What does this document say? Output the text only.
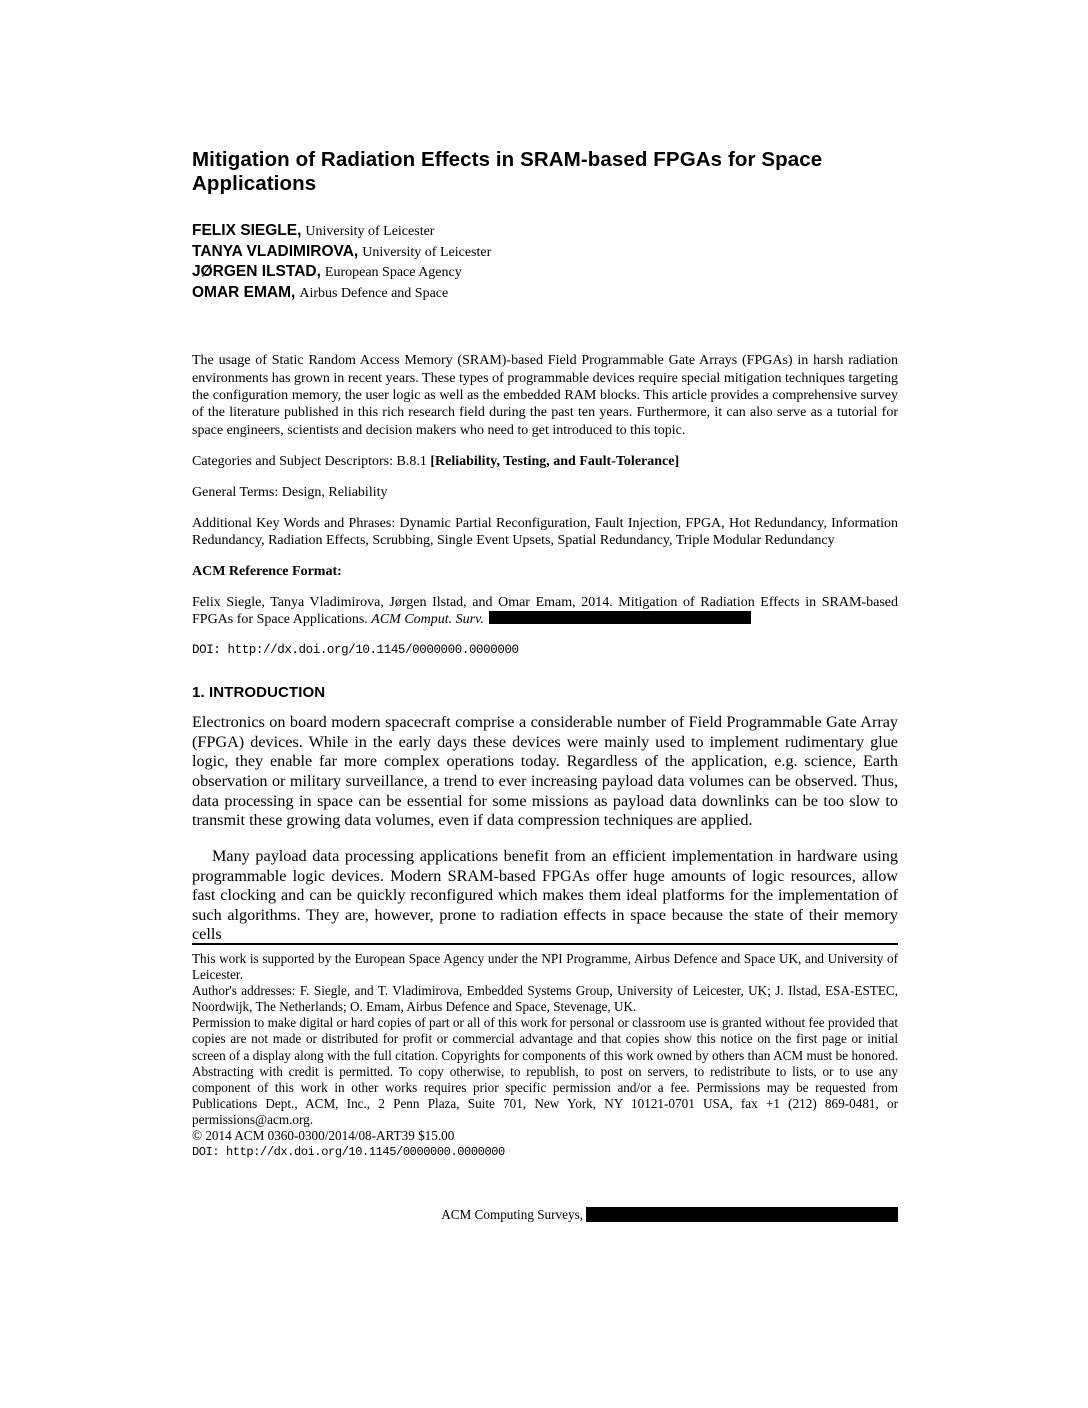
Mitigation of Radiation Effects in SRAM-based FPGAs for Space Applications
FELIX SIEGLE, University of Leicester
TANYA VLADIMIROVA, University of Leicester
JØRGEN ILSTAD, European Space Agency
OMAR EMAM, Airbus Defence and Space

The usage of Static Random Access Memory (SRAM)-based Field Programmable Gate Arrays (FPGAs) in harsh radiation environments has grown in recent years. These types of programmable devices require special mitigation techniques targeting the configuration memory, the user logic as well as the embedded RAM blocks. This article provides a comprehensive survey of the literature published in this rich research field during the past ten years. Furthermore, it can also serve as a tutorial for space engineers, scientists and decision makers who need to get introduced to this topic.

Categories and Subject Descriptors: B.8.1 [Reliability, Testing, and Fault-Tolerance]

General Terms: Design, Reliability

Additional Key Words and Phrases: Dynamic Partial Reconfiguration, Fault Injection, FPGA, Hot Redundancy, Information Redundancy, Radiation Effects, Scrubbing, Single Event Upsets, Spatial Redundancy, Triple Modular Redundancy

ACM Reference Format:

Felix Siegle, Tanya Vladimirova, Jørgen Ilstad, and Omar Emam, 2014. Mitigation of Radiation Effects in SRAM-based FPGAs for Space Applications. ACM Comput. Surv.

DOI: http://dx.doi.org/10.1145/0000000.0000000

1. INTRODUCTION

Electronics on board modern spacecraft comprise a considerable number of Field Programmable Gate Array (FPGA) devices. While in the early days these devices were mainly used to implement rudimentary glue logic, they enable far more complex operations today. Regardless of the application, e.g. science, Earth observation or military surveillance, a trend to ever increasing payload data volumes can be observed. Thus, data processing in space can be essential for some missions as payload data downlinks can be too slow to transmit these growing data volumes, even if data compression techniques are applied.

Many payload data processing applications benefit from an efficient implementation in hardware using programmable logic devices. Modern SRAM-based FPGAs offer huge amounts of logic resources, allow fast clocking and can be quickly reconfigured which makes them ideal platforms for the implementation of such algorithms. They are, however, prone to radiation effects in space because the state of their memory cells

This work is supported by the European Space Agency under the NPI Programme, Airbus Defence and Space UK, and University of Leicester.

Author's addresses: F. Siegle, and T. Vladimirova, Embedded Systems Group, University of Leicester, UK; J. Ilstad, ESA-ESTEC, Noordwijk, The Netherlands; O. Emam, Airbus Defence and Space, Stevenage, UK.

Permission to make digital or hard copies of part or all of this work for personal or classroom use is granted without fee provided that copies are not made or distributed for profit or commercial advantage and that copies show this notice on the first page or initial screen of a display along with the full citation. Copyrights for components of this work owned by others than ACM must be honored. Abstracting with credit is permitted. To copy otherwise, to republish, to post on servers, to redistribute to lists, or to use any component of this work in other works requires prior specific permission and/or a fee. Permissions may be requested from Publications Dept., ACM, Inc., 2 Penn Plaza, Suite 701, New York, NY 10121-0701 USA, fax +1 (212) 869-0481, or permissions@acm.org.

© 2014 ACM 0360-0300/2014/08-ART39 $15.00

DOI: http://dx.doi.org/10.1145/0000000.0000000

ACM Computing Surveys,
